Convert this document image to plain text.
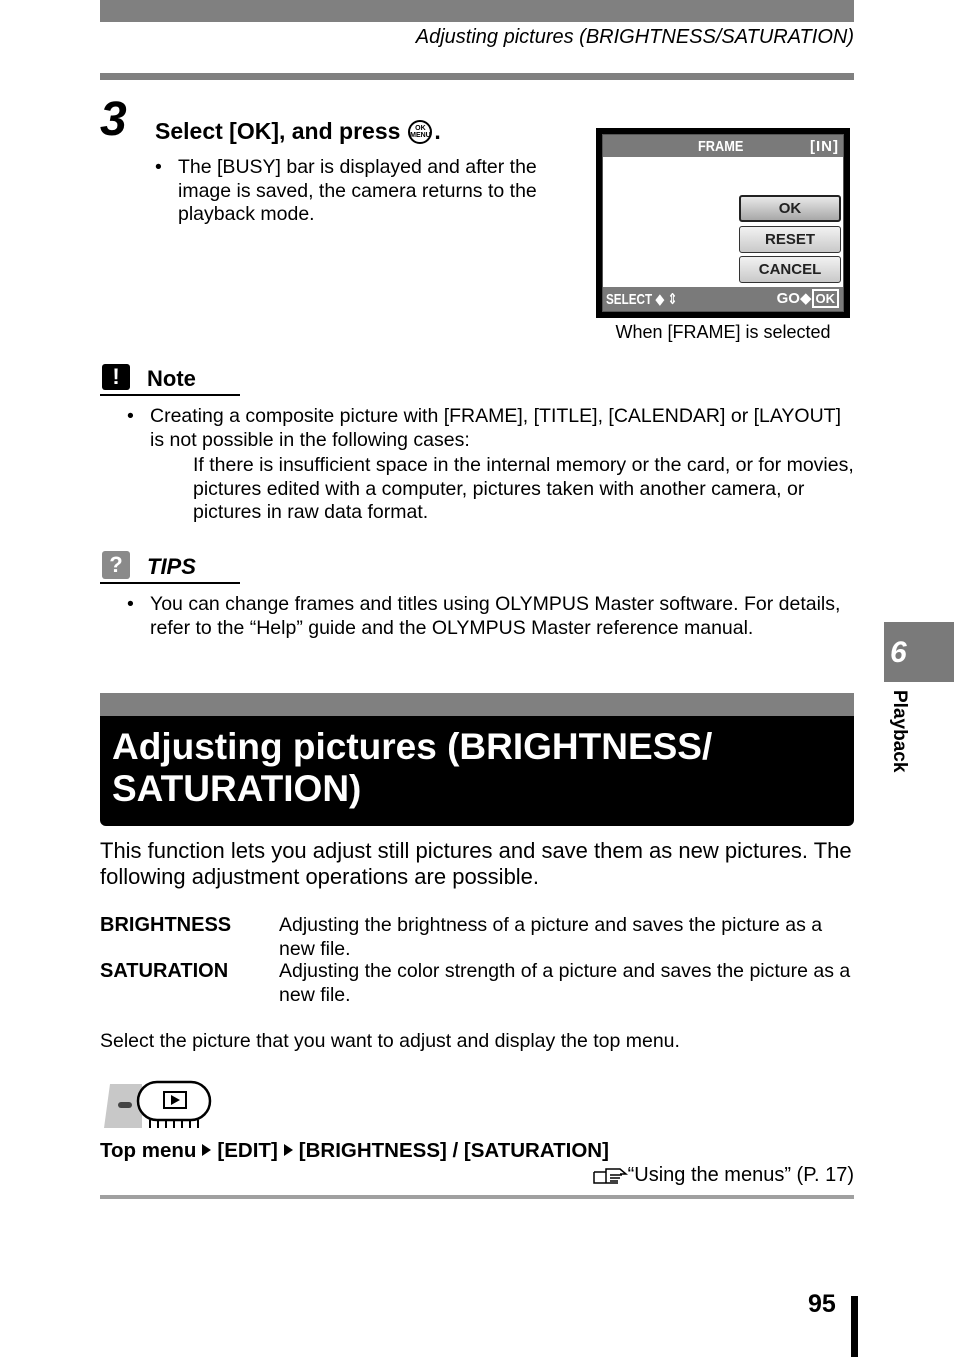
Adjusting pictures (BRIGHTNESS/SATURATION)
3 Select [OK], and press OK
MENU .
• The [BUSY] bar is displayed and after the image is saved, the camera returns to the playback mode.
FRAME	[IN]
OK
RESET
CANCEL
SELECT ◆ ⇕	GO◆ OK
When [FRAME] is selected
!	Note
• Creating a composite picture with [FRAME], [TITLE], [CALENDAR] or [LAYOUT] is not possible in the following cases:
If there is insufficient space in the internal memory or the card, or for movies, pictures edited with a computer, pictures taken with another camera, or pictures in raw data format.
?	TIPS
• You can change frames and titles using OLYMPUS Master software. For details, refer to the “Help” guide and the OLYMPUS Master reference manual.
Adjusting pictures (BRIGHTNESS/ SATURATION)
This function lets you adjust still pictures and save them as new pictures. The following adjustment operations are possible.
BRIGHTNESS Adjusting the brightness of a picture and saves the picture as a new file.
SATURATION	Adjusting the color strength of a picture and saves the picture as a new file.
Select the picture that you want to adjust and display the top menu.
Top menu [EDIT] [BRIGHTNESS] / [SATURATION]
“Using the menus” (P. 17)
6
Playback
95
